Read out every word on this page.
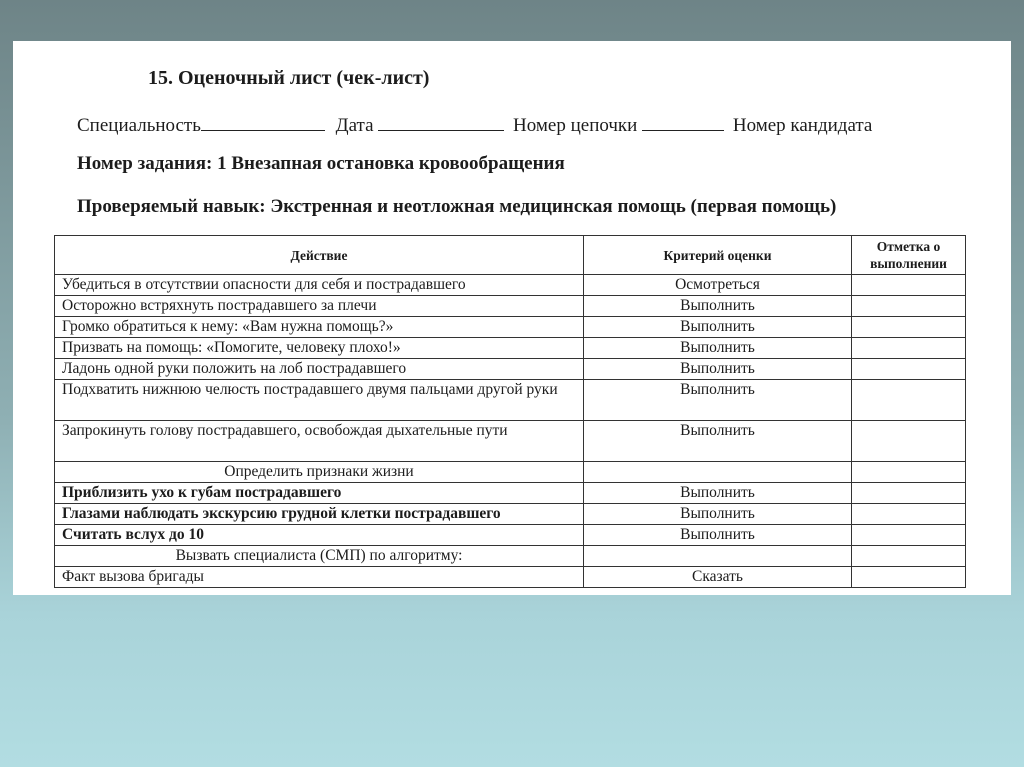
15. Оценочный лист (чек-лист)
Специальность	Дата	Номер цепочки	Номер кандидата
Номер задания: 1 Внезапная остановка кровообращения
Проверяемый навык: Экстренная и неотложная медицинская помощь (первая помощь)
Действие	Критерий оценки	Отметка о выполнении
Убедиться в отсутствии опасности для себя и пострадавшего	Осмотреться	
Осторожно встряхнуть пострадавшего за плечи	Выполнить	
Громко обратиться к нему: «Вам нужна помощь?»	Выполнить	
Призвать на помощь: «Помогите, человеку плохо!»	Выполнить	
Ладонь одной руки положить на лоб пострадавшего	Выполнить	
Подхватить нижнюю челюсть пострадавшего двумя пальцами другой руки	Выполнить	
Запрокинуть голову пострадавшего, освобождая дыхательные пути	Выполнить	
Определить признаки жизни		
Приблизить ухо к губам пострадавшего	Выполнить	
Глазами наблюдать экскурсию грудной клетки пострадавшего	Выполнить	
Считать вслух до 10	Выполнить	
Вызвать специалиста (СМП) по алгоритму:		
Факт вызова бригады	Сказать	
